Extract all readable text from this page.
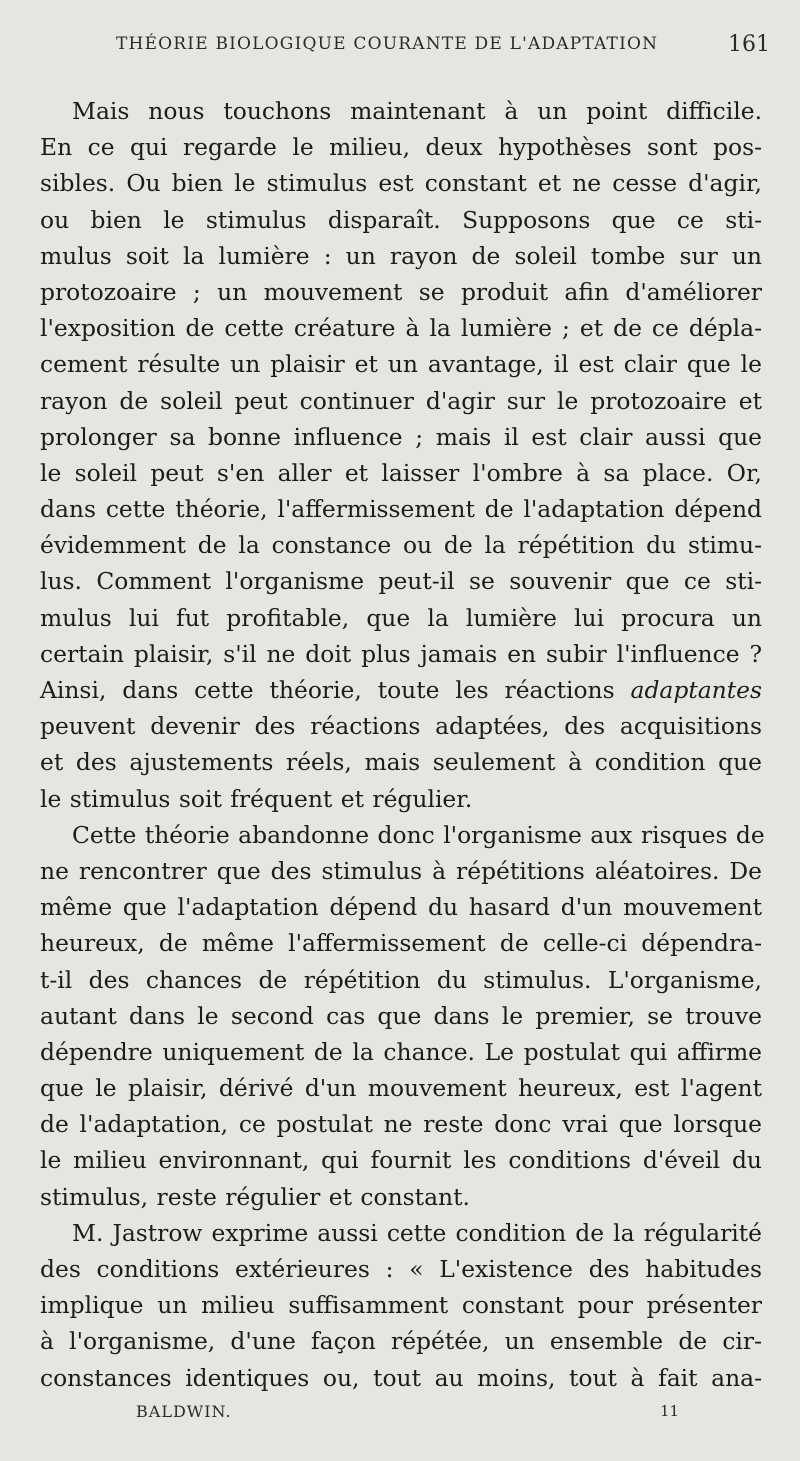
THÉORIE BIOLOGIQUE COURANTE DE L'ADAPTATION	161
Mais nous touchons maintenant à un point difficile.
En ce qui regarde le milieu, deux hypothèses sont pos-
sibles. Ou bien le stimulus est constant et ne cesse d'agir,
ou bien le stimulus disparaît. Supposons que ce sti-
mulus soit la lumière : un rayon de soleil tombe sur un
protozoaire ; un mouvement se produit afin d'améliorer
l'exposition de cette créature à la lumière ; et de ce dépla-
cement résulte un plaisir et un avantage, il est clair que le
rayon de soleil peut continuer d'agir sur le protozoaire et
prolonger sa bonne influence ; mais il est clair aussi que
le soleil peut s'en aller et laisser l'ombre à sa place. Or,
dans cette théorie, l'affermissement de l'adaptation dépend
évidemment de la constance ou de la répétition du stimu-
lus. Comment l'organisme peut-il se souvenir que ce sti-
mulus lui fut profitable, que la lumière lui procura un
certain plaisir, s'il ne doit plus jamais en subir l'influence ?
Ainsi, dans cette théorie, toute les réactions adaptantes
peuvent devenir des réactions adaptées, des acquisitions
et des ajustements réels, mais seulement à condition que
le stimulus soit fréquent et régulier.
Cette théorie abandonne donc l'organisme aux risques de
ne rencontrer que des stimulus à répétitions aléatoires. De
même que l'adaptation dépend du hasard d'un mouvement
heureux, de même l'affermissement de celle-ci dépendra-
t-il des chances de répétition du stimulus. L'organisme,
autant dans le second cas que dans le premier, se trouve
dépendre uniquement de la chance. Le postulat qui affirme
que le plaisir, dérivé d'un mouvement heureux, est l'agent
de l'adaptation, ce postulat ne reste donc vrai que lorsque
le milieu environnant, qui fournit les conditions d'éveil du
stimulus, reste régulier et constant.
M. Jastrow exprime aussi cette condition de la régularité
des conditions extérieures : « L'existence des habitudes
implique un milieu suffisamment constant pour présenter
à l'organisme, d'une façon répétée, un ensemble de cir-
constances identiques ou, tout au moins, tout à fait ana-
BALDWIN.	11
